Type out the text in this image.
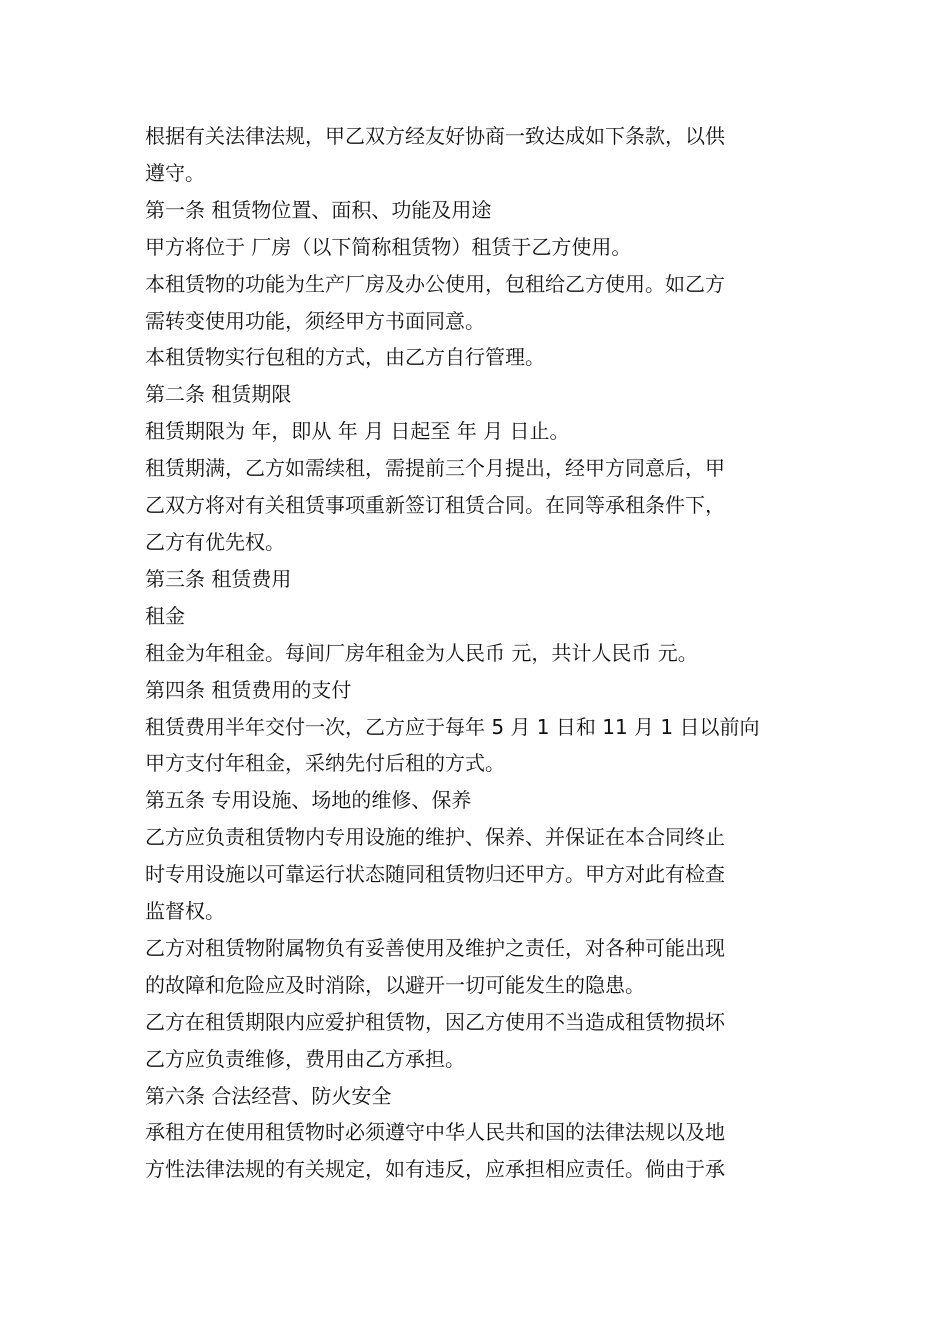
根据有关法律法规，甲乙双方经友好协商一致达成如下条款，以供
遵守。
第一条 租赁物位置、面积、功能及用途
甲方将位于 厂房（以下简称租赁物）租赁于乙方使用。
本租赁物的功能为生产厂房及办公使用，包租给乙方使用。如乙方
需转变使用功能，须经甲方书面同意。
本租赁物实行包租的方式，由乙方自行管理。
第二条 租赁期限
租赁期限为 年，即从 年 月 日起至 年 月 日止。
租赁期满，乙方如需续租，需提前三个月提出，经甲方同意后，甲
乙双方将对有关租赁事项重新签订租赁合同。在同等承租条件下，
乙方有优先权。
第三条 租赁费用
租金
租金为年租金。每间厂房年租金为人民币 元，共计人民币 元。
第四条 租赁费用的支付
租赁费用半年交付一次，乙方应于每年 5 月 1 日和 11 月 1 日以前向
甲方支付年租金，采纳先付后租的方式。
第五条 专用设施、场地的维修、保养
乙方应负责租赁物内专用设施的维护、保养、并保证在本合同终止
时专用设施以可靠运行状态随同租赁物归还甲方。甲方对此有检查
监督权。
乙方对租赁物附属物负有妥善使用及维护之责任，对各种可能出现
的故障和危险应及时消除，以避开一切可能发生的隐患。
乙方在租赁期限内应爱护租赁物，因乙方使用不当造成租赁物损坏
乙方应负责维修，费用由乙方承担。
第六条 合法经营、防火安全
承租方在使用租赁物时必须遵守中华人民共和国的法律法规以及地
方性法律法规的有关规定，如有违反，应承担相应责任。倘由于承
